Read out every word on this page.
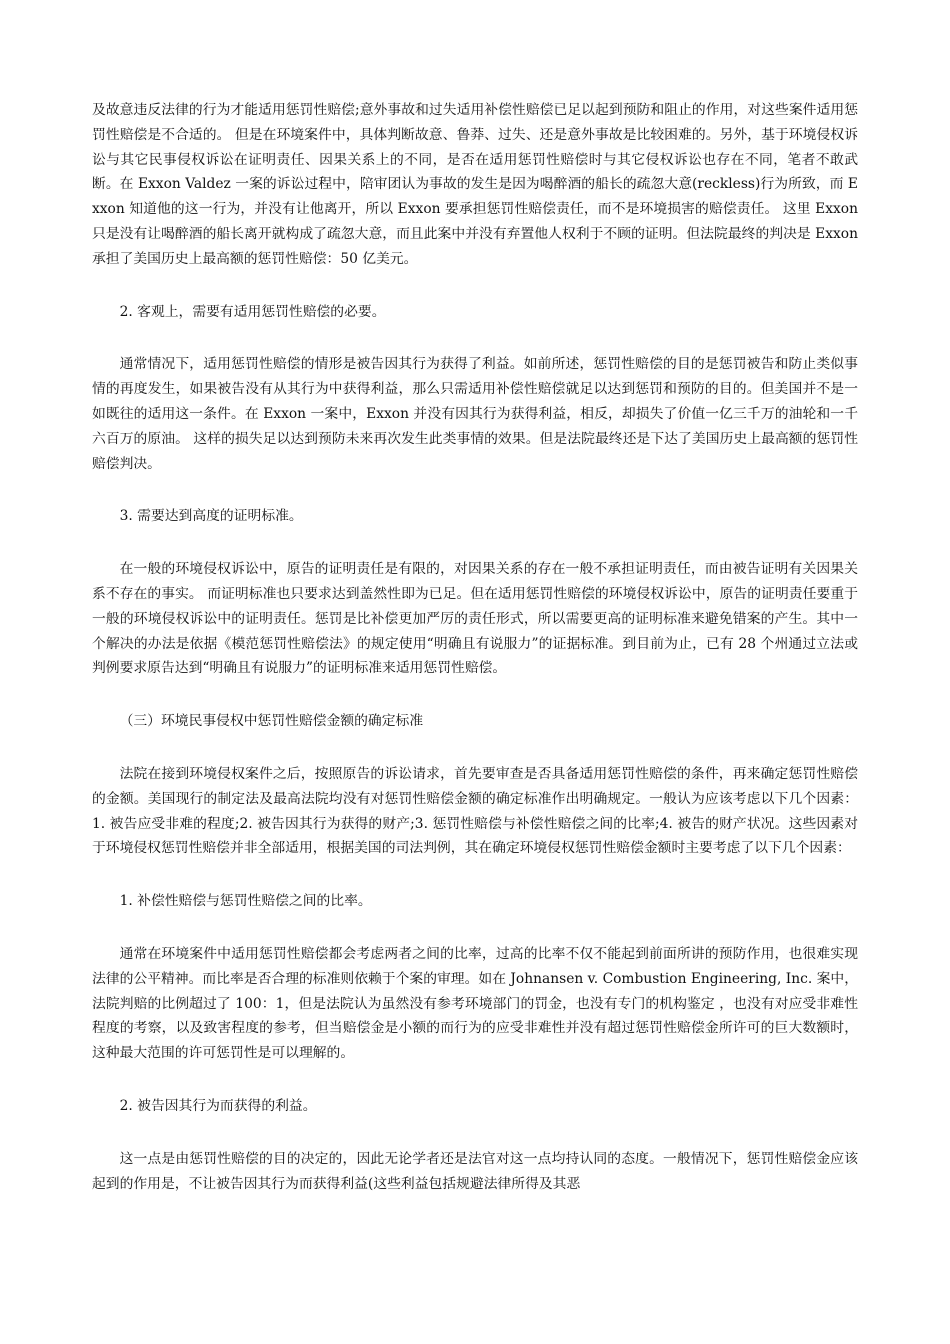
及故意违反法律的行为才能适用惩罚性赔偿;意外事故和过失适用补偿性赔偿已足以起到预防和阻止的作用，对这些案件适用惩罚性赔偿是不合适的。 但是在环境案件中，具体判断故意、鲁莽、过失、还是意外事故是比较困难的。另外，基于环境侵权诉讼与其它民事侵权诉讼在证明责任、因果关系上的不同，是否在适用惩罚性赔偿时与其它侵权诉讼也存在不同，笔者不敢武断。在 Exxon Valdez 一案的诉讼过程中，陪审团认为事故的发生是因为喝醉酒的船长的疏忽大意(reckless)行为所致，而 Exxon 知道他的这一行为，并没有让他离开，所以 Exxon 要承担惩罚性赔偿责任，而不是环境损害的赔偿责任。 这里 Exxon 只是没有让喝醉酒的船长离开就构成了疏忽大意，而且此案中并没有弃置他人权利于不顾的证明。但法院最终的判决是 Exxon 承担了美国历史上最高额的惩罚性赔偿：50 亿美元。

2. 客观上，需要有适用惩罚性赔偿的必要。

通常情况下，适用惩罚性赔偿的情形是被告因其行为获得了利益。如前所述，惩罚性赔偿的目的是惩罚被告和防止类似事情的再度发生，如果被告没有从其行为中获得利益，那么只需适用补偿性赔偿就足以达到惩罚和预防的目的。但美国并不是一如既往的适用这一条件。在 Exxon 一案中，Exxon 并没有因其行为获得利益，相反，却损失了价值一亿三千万的油轮和一千六百万的原油。 这样的损失足以达到预防未来再次发生此类事情的效果。但是法院最终还是下达了美国历史上最高额的惩罚性赔偿判决。

3. 需要达到高度的证明标准。

在一般的环境侵权诉讼中，原告的证明责任是有限的，对因果关系的存在一般不承担证明责任，而由被告证明有关因果关系不存在的事实。 而证明标准也只要求达到盖然性即为已足。但在适用惩罚性赔偿的环境侵权诉讼中，原告的证明责任要重于一般的环境侵权诉讼中的证明责任。惩罚是比补偿更加严厉的责任形式，所以需要更高的证明标准来避免错案的产生。其中一个解决的办法是依据《模范惩罚性赔偿法》的规定使用“明确且有说服力”的证据标准。到目前为止，已有 28 个州通过立法或判例要求原告达到“明确且有说服力”的证明标准来适用惩罚性赔偿。

（三）环境民事侵权中惩罚性赔偿金额的确定标准

法院在接到环境侵权案件之后，按照原告的诉讼请求，首先要审查是否具备适用惩罚性赔偿的条件，再来确定惩罚性赔偿的金额。美国现行的制定法及最高法院均没有对惩罚性赔偿金额的确定标准作出明确规定。一般认为应该考虑以下几个因素：1. 被告应受非难的程度;2. 被告因其行为获得的财产;3. 惩罚性赔偿与补偿性赔偿之间的比率;4. 被告的财产状况。这些因素对于环境侵权惩罚性赔偿并非全部适用，根据美国的司法判例，其在确定环境侵权惩罚性赔偿金额时主要考虑了以下几个因素：

1. 补偿性赔偿与惩罚性赔偿之间的比率。

通常在环境案件中适用惩罚性赔偿都会考虑两者之间的比率，过高的比率不仅不能起到前面所讲的预防作用，也很难实现法律的公平精神。而比率是否合理的标准则依赖于个案的审理。如在 Johnansen v. Combustion Engineering, Inc. 案中，法院判赔的比例超过了 100：1，但是法院认为虽然没有参考环境部门的罚金，也没有专门的机构鉴定 ，也没有对应受非难性程度的考察，以及致害程度的参考，但当赔偿金是小额的而行为的应受非难性并没有超过惩罚性赔偿金所许可的巨大数额时，这种最大范围的许可惩罚性是可以理解的。

2. 被告因其行为而获得的利益。

这一点是由惩罚性赔偿的目的决定的，因此无论学者还是法官对这一点均持认同的态度。一般情况下，惩罚性赔偿金应该起到的作用是，不让被告因其行为而获得利益(这些利益包括规避法律所得及其恶
